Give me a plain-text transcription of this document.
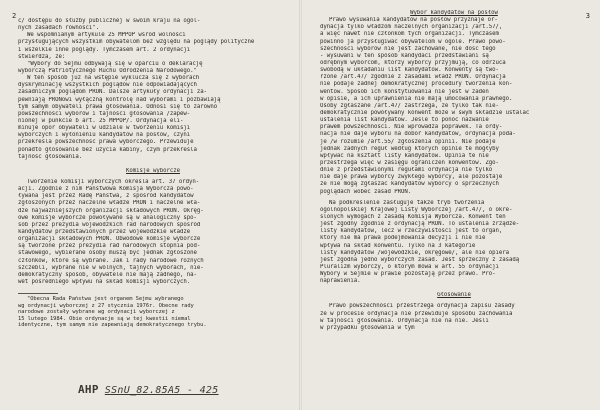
2
c/ dostępu do służby publicznej w swoim kraju na ogól-
nych zasadach równości".
We wspomnianym artykule 25 MPPOP wśród wolności
przysługujących wszystkim obywatelom bez względu na poglądy polityczne
i wszelkie inne poglądy. Tymczasem art. 2 ordynacji
stwierdza, że:
"Wybory do Sejmu odbywają się w oparciu o deklarację
wyborczą Patriotycznego Ruchu Odrodzenia Narodowego."
W ten sposób już na wstępie wyklucza się z wyborach
dyskryminację wszystkich poglądów nie odpowiadających
zasadniczym poglądom PRON. Dalsze artykuły ordynacji za-
pewniają PRONowi wyłączną kontrolę nad wyborami i pozbawiają
tym samym obywateli prawa głosowania. Odnosi się to zarówno
powszechności wyborów i tajności głosowania /zapew-
nionej w punkcie b art. 25 MPPOP/. Ordynacja eli-
minuje opór obywateli w udziale w tworzeniu komisji
wyborczych i wyłonieniu kandydatów na posłów, czyni
przekreśla powszechność prawa wyborczego. Przewiduje
ponadto głosowanie bez użycia kabiny, czym przekreśla
tajność głosowania.
Komisje wyborcze
Tworzenie komisji wyborczych określa art. 37 ordyn-
acji. Zgodnie z nim Państwowa Komisja Wyborcza powo-
ływana jest przez Radę Państwa, z spośród kandydatów
zgłoszonych przez naczelne władze PRON i naczelne wła-
dze najważniejszych organizacji składowych PRON. Okręg-
owe komisje wyborcze powoływane są w analogiczny spo-
sób przez prezydia wojewódzkich rad narodowych spośród
kandydatów przedstawionych przez wojewódzkie władze
organizacji składowych PRON. Obwodowe komisje wyborcze
są tworzone przez prezydia rad narodowych stopnia pod-
stawowego, wybierane osoby muszą być jednak zgłoszone
członków, które są wybrane. Jak i rady narodowe różnych
szczebli, wybrane nie w wolnych, tajnych wyborach, nie-
demokratyczny sposób, obywatele nie mają żadnego, na-
wet pośredniego wpływu na skład komisji wyborczych.
"Obecna Rada Państwa jest organem Sejmu wybranego
wg ordynacji wyborczej z 27 stycznia 1976r. Obecne rady
narodowe zostały wybrane wg ordynacji wyborczej z
15 lutego 1984. Obie ordynacje są w tej kwestii niemal
identyczne, tym samym nie zapewniają demokratycznego trybu.
AHP SSnU_82.85A5 - 425
3
Wybór kandydatów na posłów
Prawo wysuwania kandydatów na posłów przyznaje or-
dynacja tylko władzom naczelnych organizacji /art.57/,
a więc nawet nie członkom tych organizacji. Tymczasem
powinno ja przysługiwać obywatelom w ogóle. Prawo powo-
szechności wyborów nie jest zachowane, nie dość tego
- wysuwani w ten sposób kandydaci przedstawiani są
odrębnym wyborcom, którzy wyborcy przyjmują, co odrzuca
swobodą w układaniu list kandydatów. Konwenty są two-
rzone /art.47/ zgodnie z zasadami władz PRON. Ordynacja
nie podaje żadnej demokratycznej procedury tworzenia kon-
wentów. Sposób ich konstytuowania nie jest w żaden
w opisie, a ich uprawnienia nie mają umocowania prawnego.
Osoby zgłaszane /art.47/ zastrzega, że tylko tak nie-
demokratycznie powoływany konwent może w swym składzie ustalać
ustalenia list kandydatów. Jeśle to ponoć nazwanie
prawem powszechności. Nie wprowadza poprawek. Ta ordy-
nacja nie daje wyboru na dobór kandydatów, ordynacja poda-
je /w rozumie /art.55/ zgłoszenia opinii. Nie podaje
jednak żadnych reguł według których opinie te mogłyby
wpływać na kształt listy kandydatów. Opinia te nie
przestrzega więc w zasięgu ograniczeń konwentów. Zgo-
dnie z przedstawionymi regułami ordynacja nie tylko
nie daje prawa wyborcy zwykłego wyborcy, ale pozostaje
że nie mogą zgłaszać kandydatów wyborcy o sprzecznych
poglądach wobec zasad PRON.
Na podkreślenie zasługuje także tryb tworzenia
ogólnopolskiej Krajowej Listy Wyborczej /art.47/, o okre-
ślonych wymogach z zasadą Komisja Wyborcza. Konwent ten
jest zgodny zgodnie z ordynacją PRON. To ustalenia zrządze-
listy kandydatów, lecz w rzeczywistości jest to organ,
który nie ma prawa podejmowania decyzji i nie nie
wpływa na skład konwentu. Tylko na 3 kategorie
listy kandydatów /wojewódzkie, okręgowe/, ale nie opiera
jest zgodna jedno wyborczych zasad. Jest sprzeczny z zasadą
Pluralizm wyborczy, o którym mowa w art. 55 ordynacji
Wybory w Sejmie w prawie pozostają przez prawo. Pró-
naprawienia.
Głosowanie
Prawo powszechności przestrzega ordynacja zapisu zasady
że w procesie ordynacja nie przewiduje sposobu zachowania
w tajności głosowania. Ordynacja nie na nie. Jeśli
w przypadku głosowania w tym
